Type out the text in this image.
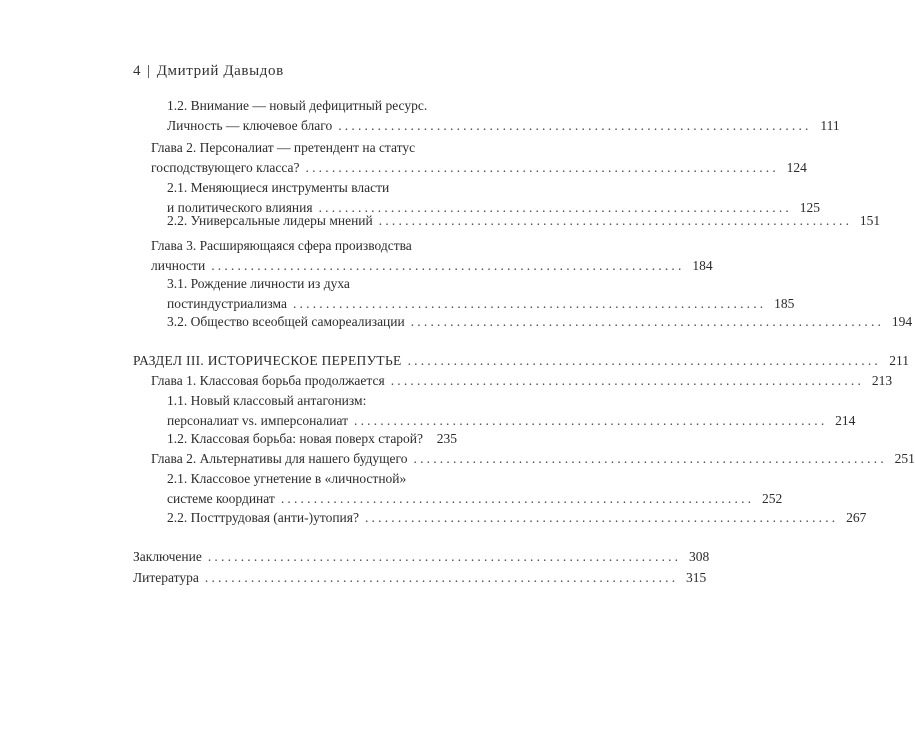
4 | Дмитрий Давыдов
1.2. Внимание — новый дефицитный ресурс.
Личность — ключевое благо ........................................................................ 111
Глава 2. Персоналиат — претендент на статус
господствующего класса? ........................................................................ 124
2.1. Меняющиеся инструменты власти
и политического влияния ........................................................................ 125
2.2. Универсальные лидеры мнений ........................................................................ 151
Глава 3. Расширяющаяся сфера производства
личности ........................................................................ 184
3.1. Рождение личности из духа
постиндустриализма ........................................................................ 185
3.2. Общество всеобщей самореализации ........................................................................ 194
РАЗДЕЛ III. ИСТОРИЧЕСКОЕ ПЕРЕПУТЬЕ ........................................................................ 211
Глава 1. Классовая борьба продолжается ........................................................................ 213
1.1. Новый классовый антагонизм:
персоналиат vs. имперсоналиат ........................................................................ 214
1.2. Классовая борьба: новая поверх старой? 235
Глава 2. Альтернативы для нашего будущего ........................................................................ 251
2.1. Классовое угнетение в «личностной»
системе координат ........................................................................ 252
2.2. Посттрудовая (анти-)утопия? ........................................................................ 267
Заключение ........................................................................ 308
Литература ........................................................................ 315
